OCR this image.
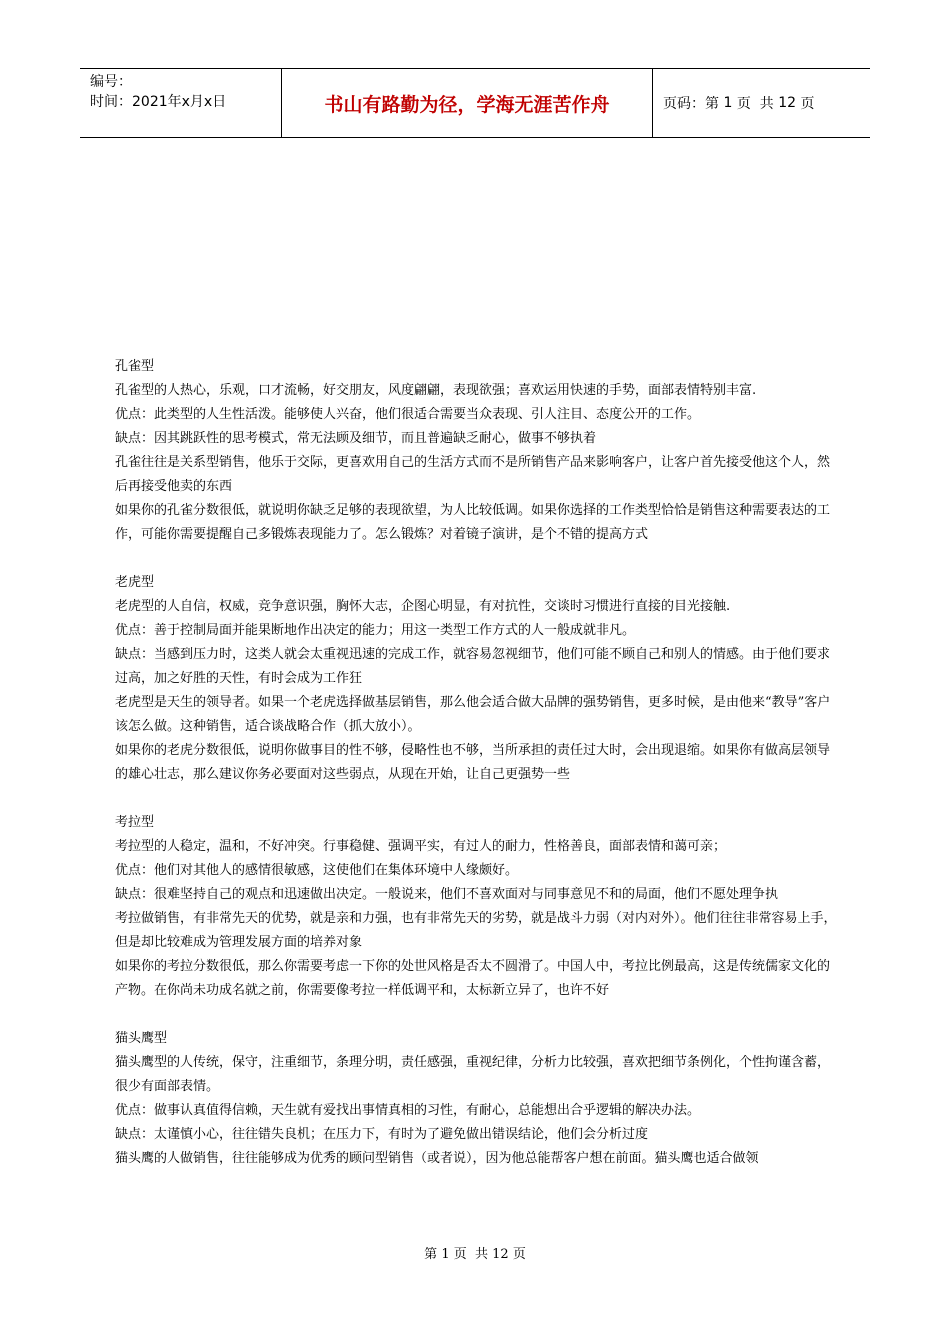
编号：
时间：2021年x月x日	书山有路勤为径，学海无涯苦作舟	页码：第
1
页  共
12
页

孔雀型

孔雀型的人热心，乐观，口才流畅，好交朋友，风度翩翩，表现欲强；喜欢运用快速的手势，面部表情特别丰富.

优点：此类型的人生性活泼。能够使人兴奋，他们很适合需要当众表现、引人注目、态度公开的工作。

缺点：因其跳跃性的思考模式，常无法顾及细节，而且普遍缺乏耐心，做事不够执着

孔雀往往是关系型销售，他乐于交际，更喜欢用自己的生活方式而不是所销售产品来影响客户，让客户首先接受他这个人，然后再接受他卖的东西

如果你的孔雀分数很低，就说明你缺乏足够的表现欲望，为人比较低调。如果你选择的工作类型恰恰是销售这种需要表达的工作，可能你需要提醒自己多锻炼表现能力了。怎么锻炼？对着镜子演讲，是个不错的提高方式

老虎型

老虎型的人自信，权威，竞争意识强，胸怀大志，企图心明显，有对抗性，交谈时习惯进行直接的目光接触.

优点：善于控制局面并能果断地作出决定的能力；用这一类型工作方式的人一般成就非凡。

缺点：当感到压力时，这类人就会太重视迅速的完成工作，就容易忽视细节，他们可能不顾自己和别人的情感。由于他们要求过高，加之好胜的天性，有时会成为工作狂

老虎型是天生的领导者。如果一个老虎选择做基层销售，那么他会适合做大品牌的强势销售，更多时候，是由他来“教导”客户该怎么做。这种销售，适合谈战略合作（抓大放小）。

如果你的老虎分数很低，说明你做事目的性不够，侵略性也不够，当所承担的责任过大时，会出现退缩。如果你有做高层领导的雄心壮志，那么建议你务必要面对这些弱点，从现在开始，让自己更强势一些

考拉型

考拉型的人稳定，温和，不好冲突。行事稳健、强调平实，有过人的耐力，性格善良，面部表情和蔼可亲；

优点：他们对其他人的感情很敏感，这使他们在集体环境中人缘颇好。

缺点：很难坚持自己的观点和迅速做出决定。一般说来，他们不喜欢面对与同事意见不和的局面，他们不愿处理争执

考拉做销售，有非常先天的优势，就是亲和力强，也有非常先天的劣势，就是战斗力弱（对内对外）。他们往往非常容易上手，但是却比较难成为管理发展方面的培养对象

如果你的考拉分数很低，那么你需要考虑一下你的处世风格是否太不圆滑了。中国人中，考拉比例最高，这是传统儒家文化的产物。在你尚未功成名就之前，你需要像考拉一样低调平和，太标新立异了，也许不好

猫头鹰型

猫头鹰型的人传统，保守，注重细节，条理分明，责任感强，重视纪律，分析力比较强，喜欢把细节条例化，个性拘谨含蓄，很少有面部表情。

优点：做事认真值得信赖，天生就有爱找出事情真相的习性，有耐心，总能想出合乎逻辑的解决办法。

缺点：太谨慎小心，往往错失良机；在压力下，有时为了避免做出错误结论，他们会分析过度

猫头鹰的人做销售，往往能够成为优秀的顾问型销售（或者说），因为他总能帮客户想在前面。猫头鹰也适合做领

第 1 页  共 12 页
